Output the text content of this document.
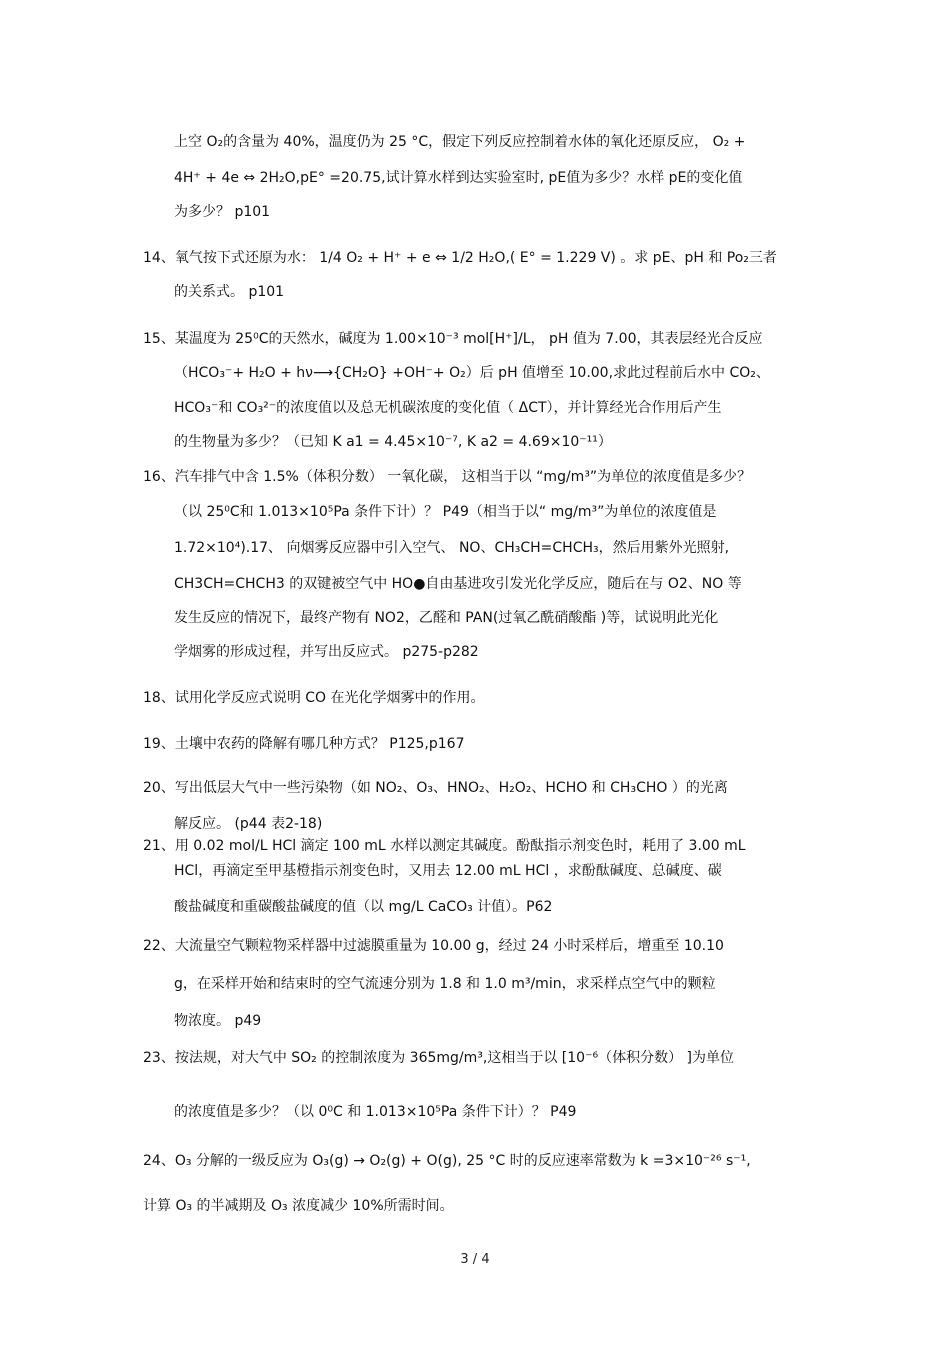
上空 O₂的含量为 40%，温度仍为 25 °C，假定下列反应控制着水体的氧化还原反应， O₂ +
4H⁺ + 4e ⇔ 2H₂O,pE° =20.75,试计算水样到达实验室时, pE值为多少？水样 pE的变化值
为多少？ p101
14、氧气按下式还原为水： 1/4 O₂ + H⁺ + e ⇔ 1/2 H₂O,( E° = 1.229 V) 。求 pE、pH 和 Po₂三者
的关系式。 p101
15、某温度为 25⁰C的天然水，碱度为 1.00×10⁻³ mol[H⁺]/L， pH 值为 7.00，其表层经光合反应
（HCO₃⁻+ H₂O + hν⟶{CH₂O} +OH⁻+ O₂）后 pH 值增至 10.00,求此过程前后水中 CO₂、
HCO₃⁻和 CO₃²⁻的浓度值以及总无机碳浓度的变化值（ ΔCT），并计算经光合作用后产生
的生物量为多少？（已知 K a1 = 4.45×10⁻⁷, K a2 = 4.69×10⁻¹¹）
16、汽车排气中含 1.5%（体积分数） 一氧化碳， 这相当于以 “mg/m³”为单位的浓度值是多少？
（以 25⁰C和 1.013×10⁵Pa 条件下计）？ P49（相当于以“ mg/m³”为单位的浓度值是
1.72×10⁴).17、 向烟雾反应器中引入空气、 NO、CH₃CH=CHCH₃，然后用紫外光照射,
CH3CH=CHCH3 的双键被空气中 HO●自由基进攻引发光化学反应，随后在与 O2、NO 等
发生反应的情况下，最终产物有 NO2，乙醛和 PAN(过氧乙酰硝酸酯 )等，试说明此光化
学烟雾的形成过程，并写出反应式。 p275-p282
18、试用化学反应式说明 CO 在光化学烟雾中的作用。
19、土壤中农药的降解有哪几种方式？ P125,p167
20、写出低层大气中一些污染物（如 NO₂、O₃、HNO₂、H₂O₂、HCHO 和 CH₃CHO ）的光离
解反应。 (p44 表2-18)
21、用 0.02 mol/L HCl 滴定 100 mL 水样以测定其碱度。酚酞指示剂变色时，耗用了 3.00 mL
HCl，再滴定至甲基橙指示剂变色时，又用去 12.00 mL HCl ，求酚酞碱度、总碱度、碳
酸盐碱度和重碳酸盐碱度的值（以 mg/L CaCO₃ 计值）。P62
22、大流量空气颗粒物采样器中过滤膜重量为 10.00 g，经过 24 小时采样后，增重至 10.10
g，在采样开始和结束时的空气流速分别为 1.8 和 1.0 m³/min，求采样点空气中的颗粒
物浓度。 p49
23、按法规，对大气中 SO₂ 的控制浓度为 365mg/m³,这相当于以 [10⁻⁶（体积分数） ]为单位
的浓度值是多少？（以 0⁰C 和 1.013×10⁵Pa 条件下计）？ P49
24、O₃ 分解的一级反应为 O₃(g) → O₂(g) + O(g), 25 °C 时的反应速率常数为 k =3×10⁻²⁶ s⁻¹,
计算 O₃ 的半减期及 O₃ 浓度减少 10%所需时间。
3 / 4
